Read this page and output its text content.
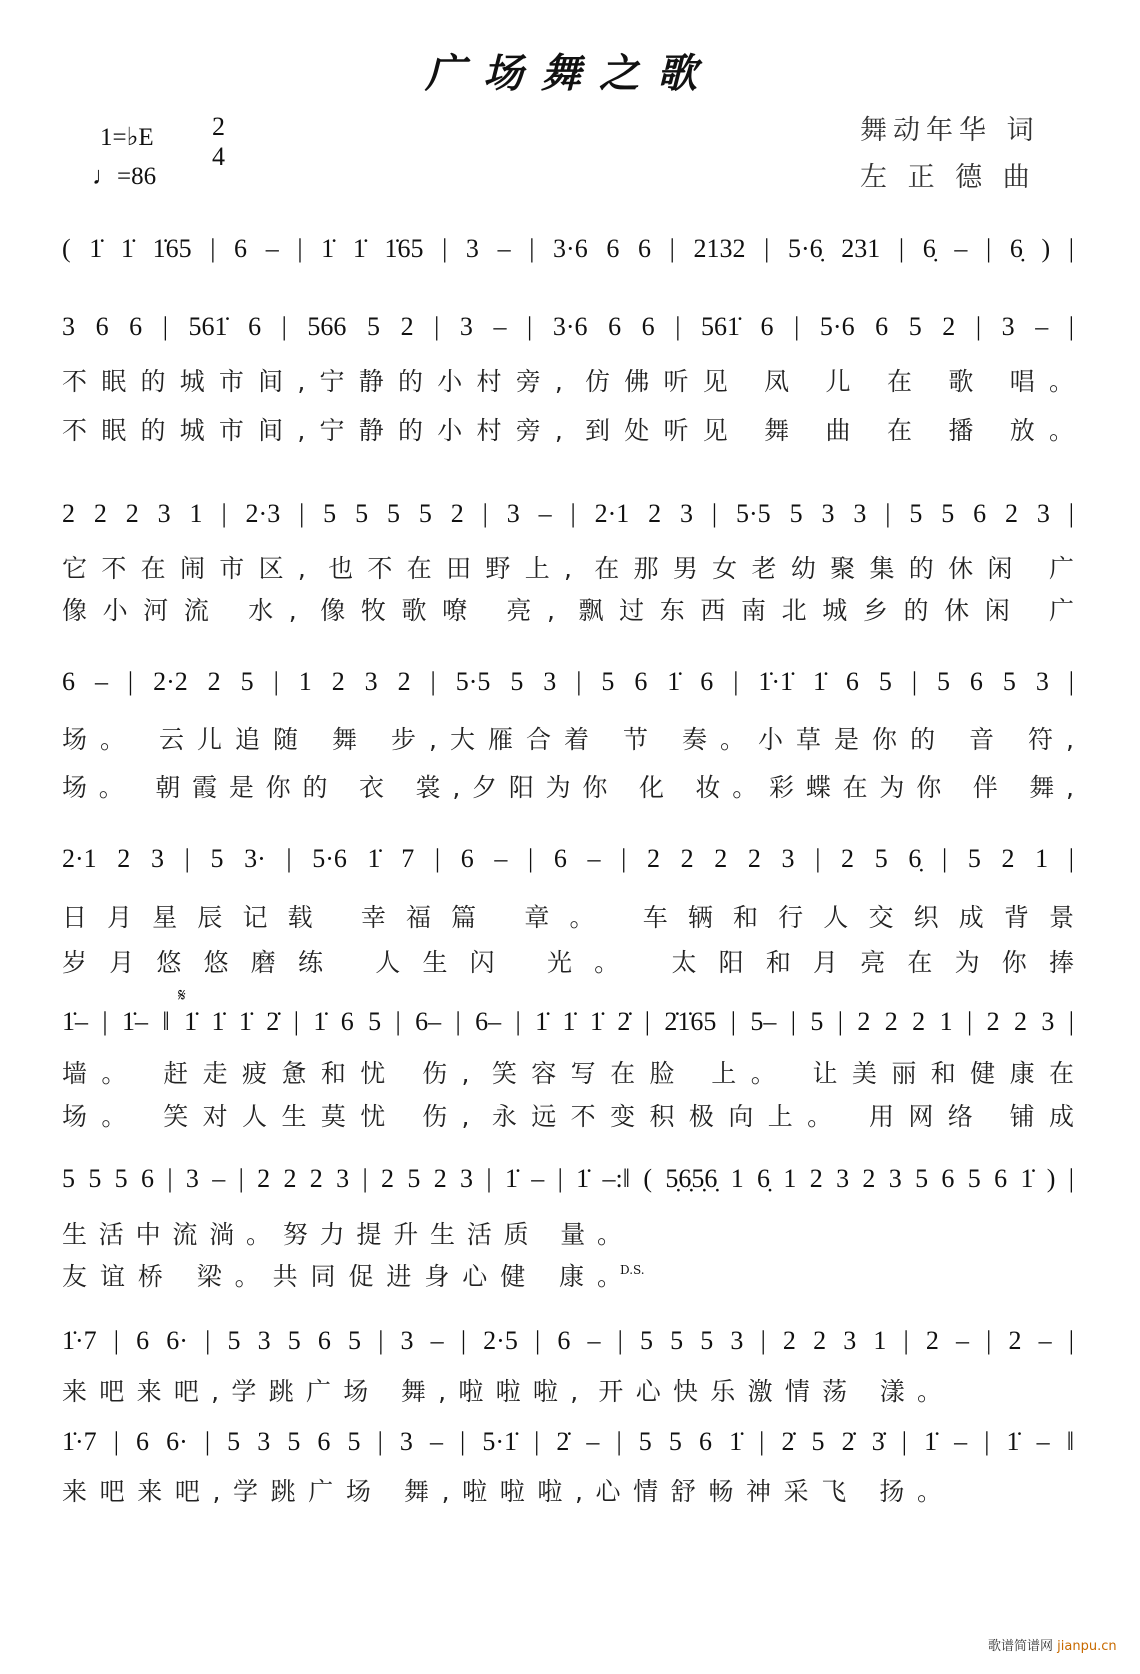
广场舞之歌
1=♭E 2
4
♩=86
舞动年华 词
左 正 德 曲
( 1̇ 1̇ 1̇65 | 6 – | 1̇ 1̇ 1̇65 | 3 – | 3·6 6 6 | 2132 | 5·6̣ 231 | 6̣ – | 6̣ ) |
3 6 6 | 561̇ 6 | 566 5 2 | 3 – | 3·6 6 6 | 561̇ 6 | 5·6 6 5 2 | 3 – |
不眠的城市间,宁静的小村旁, 仿佛听见 凤 儿 在 歌 唱。
不眠的城市间,宁静的小村旁, 到处听见 舞 曲 在 播 放。
2 2 2 3 1 | 2·3 | 5 5 5 5 2 | 3 – | 2·1 2 3 | 5·5 5 3 3 | 5 5 6 2 3 |
它不在闹市区, 也不在田野上, 在那男女老幼聚集的休闲 广
像小河流 水, 像牧歌嘹 亮, 飘过东西南北城乡的休闲 广
6 – | 2·2 2 5 | 1 2 3 2 | 5·5 5 3 | 5 6 1̇ 6 | 1̇·1̇ 1̇ 6 5 | 5 6 5 3 |
场。 云儿追随 舞 步,大雁合着 节 奏。小草是你的 音 符,
场。 朝霞是你的 衣 裳,夕阳为你 化 妆。彩蝶在为你 伴 舞,
2·1 2 3 | 5 3· | 5·6 1̇ 7 | 6 – | 6 – | 2 2 2 2 3 | 2 5 6̣ | 5 2 1 |
日月星辰记载 幸福篇 章。 车辆和行人交织成背景
岁月悠悠磨练 人生闪 光。 太阳和月亮在为你捧
𝄋
1̇– | 1̇– ‖ 1̇ 1̇ 1̇ 2̇ | 1̇ 6 5 | 6– | 6– | 1̇ 1̇ 1̇ 2̇ | 2̇1̇65 | 5– | 5 | 2 2 2 1 | 2 2 3 |
墙。 赶走疲惫和忧 伤, 笑容写在脸 上。 让美丽和健康在
场。 笑对人生莫忧 伤, 永远不变积极向上。 用网络 铺成
5 5 5 6 | 3 – | 2 2 2 3 | 2 5 2 3 | 1̇ – | 1̇ –:‖ ( 5̣6̣5̣6̣ 1 6̣ 1 2 3 2 3 5 6 5 6 1̇ ) |
生活中流淌。努力提升生活质 量。
友谊桥 梁。共同促进身心健 康。
D.S.
1̇·7 | 6 6· | 5 3 5 6 5 | 3 – | 2·5 | 6 – | 5 5 5 3 | 2 2 3 1 | 2 – | 2 – |
来吧来吧,学跳广场 舞,啦啦啦, 开心快乐激情荡 漾。
1̇·7 | 6 6· | 5 3 5 6 5 | 3 – | 5·1̇ | 2̇ – | 5 5 6 1̇ | 2̇ 5 2̇ 3̇ | 1̇ – | 1̇ – ‖
来吧来吧,学跳广场 舞,啦啦啦,心情舒畅神采飞 扬。
歌谱简谱网 jianpu.cn
